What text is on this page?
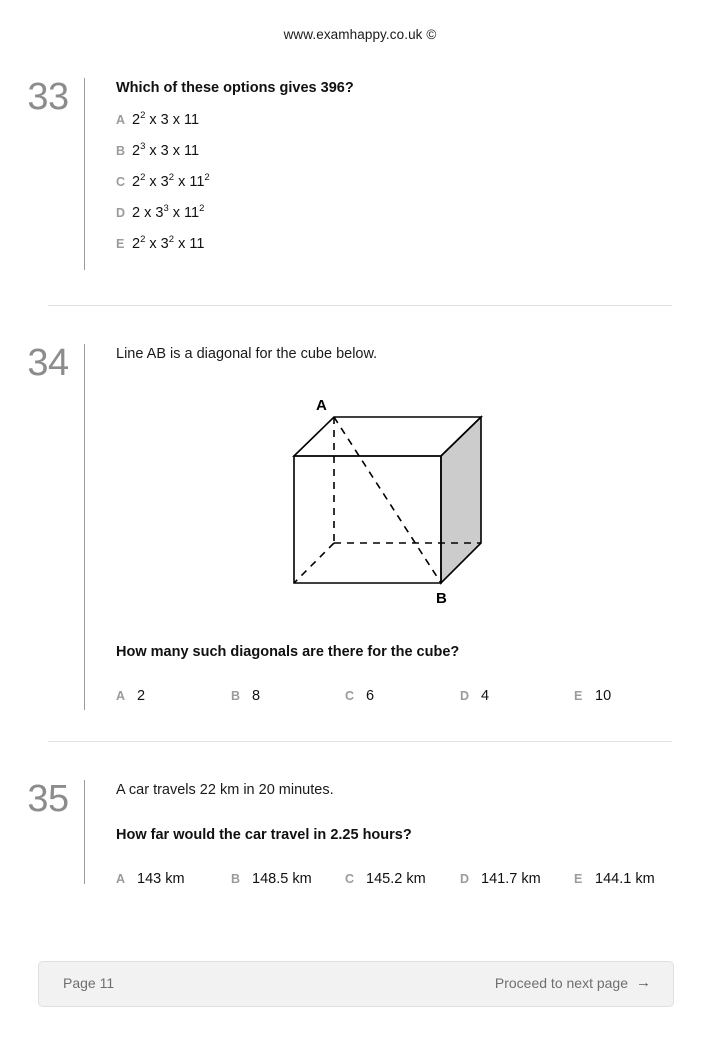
www.examhappy.co.uk ©
33	Which of these options gives 396?
A $2^2$ x 3 x 11
B $2^3$ x 3 x 11
C $2^2$ x $3^2$ x $11^2$
D 2 x $3^3$ x $11^2$
E $2^2$ x $3^2$ x 11
34	Line AB is a diagonal for the cube below.
A
B
How many such diagonals are there for the cube?
A 2	B 8	C 6	D 4	E 10
35	A car travels 22 km in 20 minutes.
How far would the car travel in 2.25 hours?
A 143 km	B 148.5 km	C 145.2 km	D 141.7 km	E 144.1 km
Page 11	Proceed to next page →
